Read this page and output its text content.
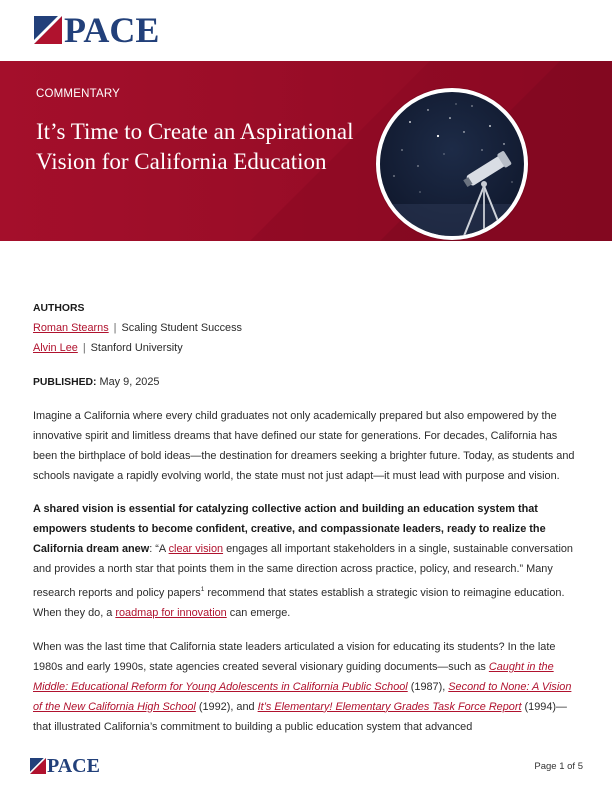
PACE
COMMENTARY
It’s Time to Create an Aspirational Vision for California Education
AUTHORS
Roman Stearns | Scaling Student Success
Alvin Lee | Stanford University
PUBLISHED: May 9, 2025

Imagine a California where every child graduates not only academically prepared but also empowered by the innovative spirit and limitless dreams that have defined our state for generations. For decades, California has been the birthplace of bold ideas—the destination for dreamers seeking a brighter future. Today, as students and schools navigate a rapidly evolving world, the state must not just adapt—it must lead with purpose and vision.

A shared vision is essential for catalyzing collective action and building an education system that empowers students to become confident, creative, and compassionate leaders, ready to realize the California dream anew: “A clear vision engages all important stakeholders in a single, sustainable conversation and provides a north star that points them in the same direction across practice, policy, and research.” Many research reports and policy papers$^1$ recommend that states establish a strategic vision to reimagine education. When they do, a roadmap for innovation can emerge.

When was the last time that California state leaders articulated a vision for educating its students? In the late 1980s and early 1990s, state agencies created several visionary guiding documents—such as Caught in the Middle: Educational Reform for Young Adolescents in California Public School (1987), Second to None: A Vision of the New California High School (1992), and It’s Elementary! Elementary Grades Task Force Report (1994)—that illustrated California’s commitment to building a public education system that advanced

PACE	Page 1 of 5
